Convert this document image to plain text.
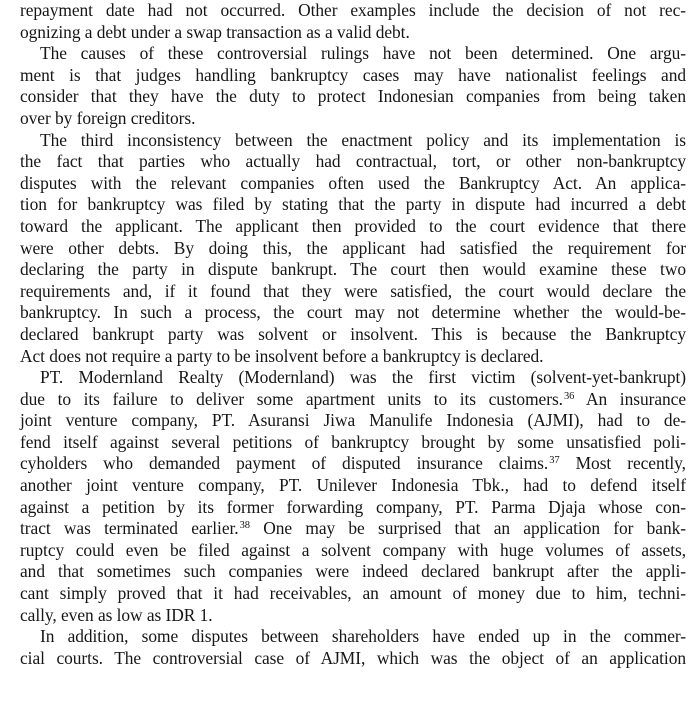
repayment date had not occurred. Other examples include the decision of not rec-
ognizing a debt under a swap transaction as a valid debt.
The causes of these controversial rulings have not been determined. One argu-
ment is that judges handling bankruptcy cases may have nationalist feelings and
consider that they have the duty to protect Indonesian companies from being taken
over by foreign creditors.
The third inconsistency between the enactment policy and its implementation is
the fact that parties who actually had contractual, tort, or other non-bankruptcy
disputes with the relevant companies often used the Bankruptcy Act. An applica-
tion for bankruptcy was filed by stating that the party in dispute had incurred a debt
toward the applicant. The applicant then provided to the court evidence that there
were other debts. By doing this, the applicant had satisfied the requirement for
declaring the party in dispute bankrupt. The court then would examine these two
requirements and, if it found that they were satisfied, the court would declare the
bankruptcy. In such a process, the court may not determine whether the would-be-
declared bankrupt party was solvent or insolvent. This is because the Bankruptcy
Act does not require a party to be insolvent before a bankruptcy is declared.
PT. Modernland Realty (Modernland) was the first victim (solvent-yet-bankrupt)
due to its failure to deliver some apartment units to its customers.$^{36}$ An insurance
joint venture company, PT. Asuransi Jiwa Manulife Indonesia (AJMI), had to de-
fend itself against several petitions of bankruptcy brought by some unsatisfied poli-
cyholders who demanded payment of disputed insurance claims.$^{37}$ Most recently,
another joint venture company, PT. Unilever Indonesia Tbk., had to defend itself
against a petition by its former forwarding company, PT. Parma Djaja whose con-
tract was terminated earlier.$^{38}$ One may be surprised that an application for bank-
ruptcy could even be filed against a solvent company with huge volumes of assets,
and that sometimes such companies were indeed declared bankrupt after the appli-
cant simply proved that it had receivables, an amount of money due to him, techni-
cally, even as low as IDR 1.
In addition, some disputes between shareholders have ended up in the commer-
cial courts. The controversial case of AJMI, which was the object of an application
